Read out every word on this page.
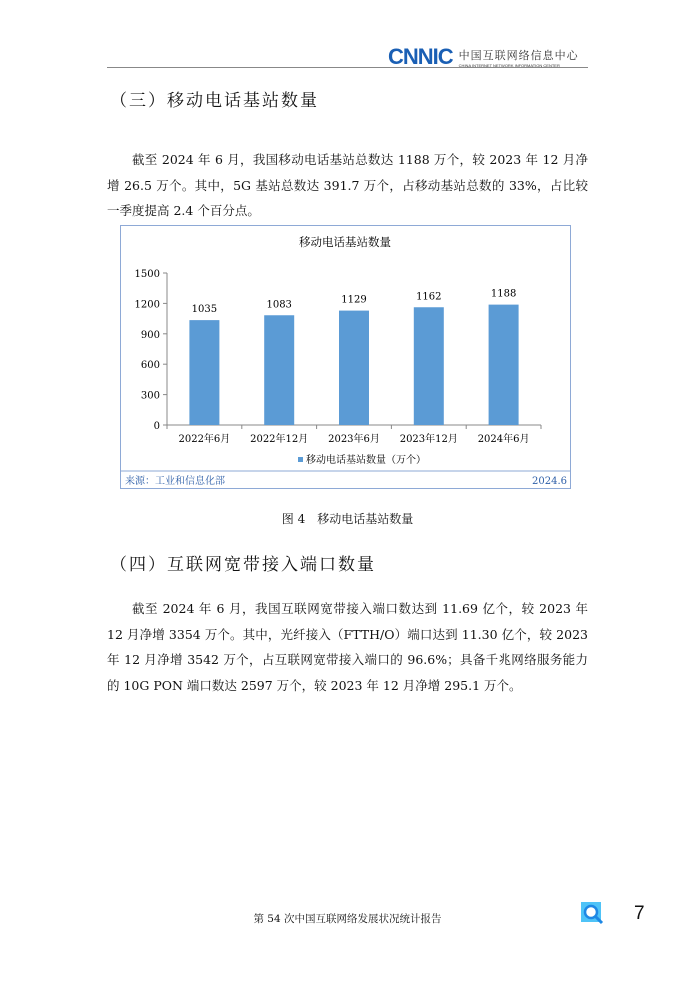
CNNIC 中国互联网络信息中心
CHINA INTERNET NETWORK INFORMATION CENTER
（三）移动电话基站数量

截至 2024 年 6 月，我国移动电话基站总数达 1188 万个，较 2023 年 12 月净增 26.5 万个。其中，5G 基站总数达 391.7 万个，占移动基站总数的 33%，占比较一季度提高 2.4 个百分点。

移动电话基站数量
0
300
600
900
1200
1500
1035
2022年6月
1083
2022年12月
1129
2023年6月
1162
2023年12月
1188
2024年6月
移动电话基站数量（万个）
来源：工业和信息化部	2024.6
图 4　移动电话基站数量
（四）互联网宽带接入端口数量

截至 2024 年 6 月，我国互联网宽带接入端口数达到 11.69 亿个，较 2023 年 12 月净增 3354 万个。其中，光纤接入（FTTH/O）端口达到 11.30 亿个，较 2023 年 12 月净增 3542 万个，占互联网宽带接入端口的 96.6%；具备千兆网络服务能力的 10G PON 端口数达 2597 万个，较 2023 年 12 月净增 295.1 万个。

第 54 次中国互联网络发展状况统计报告	7
